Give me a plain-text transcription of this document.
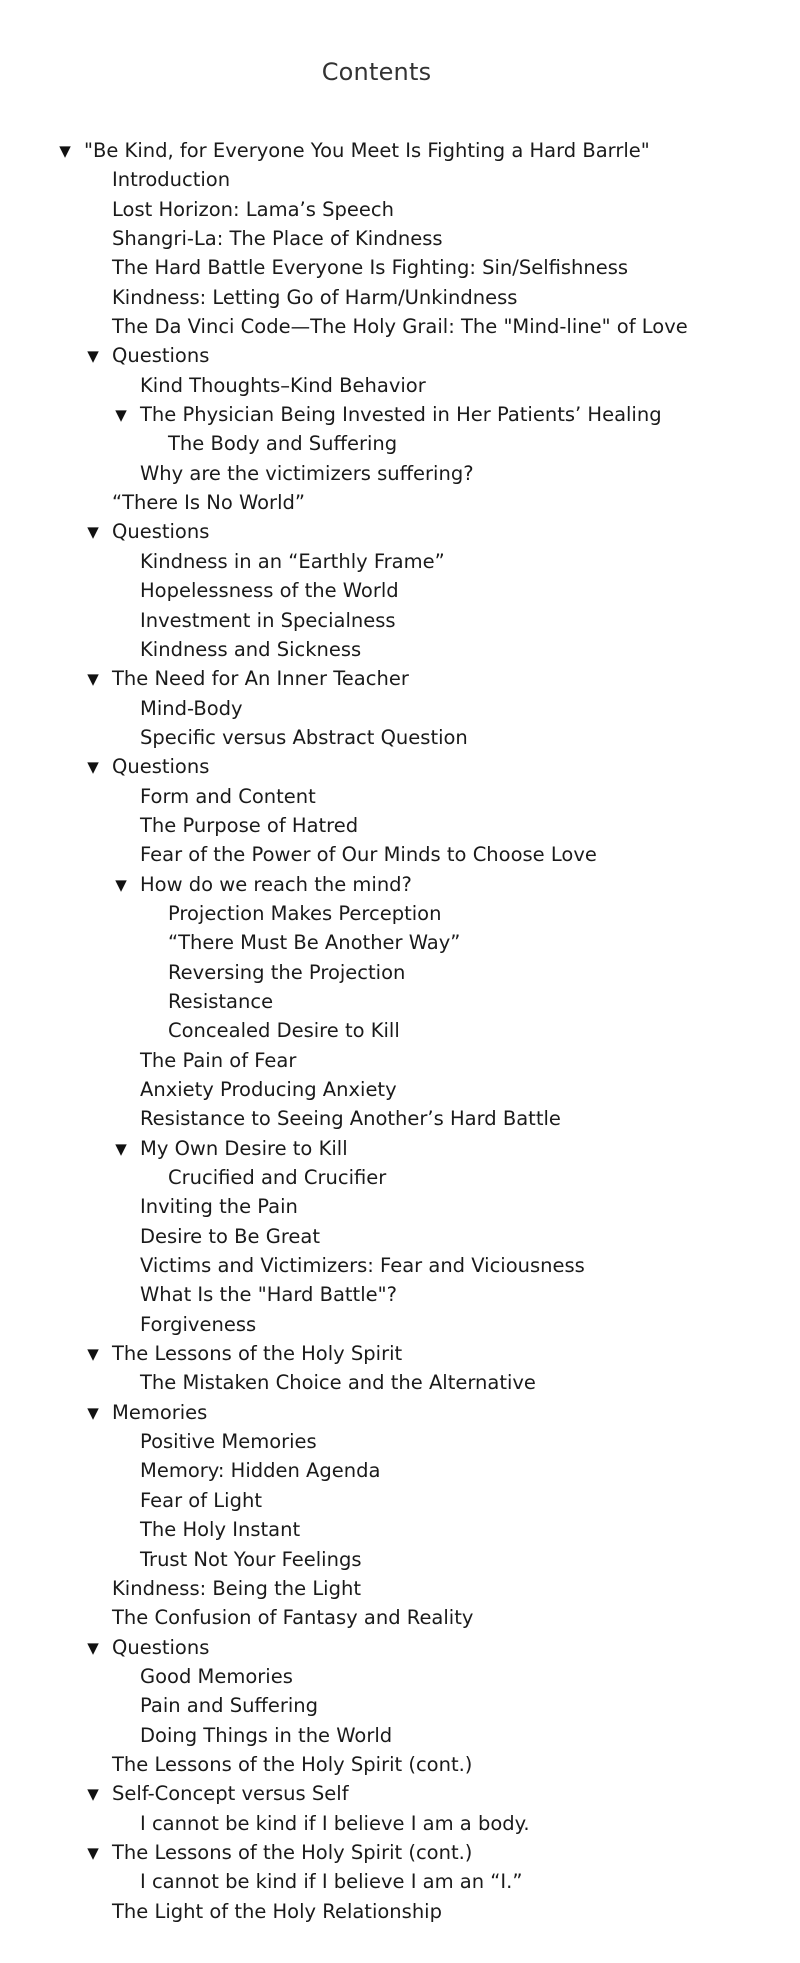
Contents
▼ "Be Kind, for Everyone You Meet Is Fighting a Hard Barrle"
Introduction
Lost Horizon: Lama’s Speech
Shangri-La: The Place of Kindness
The Hard Battle Everyone Is Fighting: Sin/Selfishness
Kindness: Letting Go of Harm/Unkindness
The Da Vinci Code—The Holy Grail: The "Mind-line" of Love
▼ Questions
Kind Thoughts–Kind Behavior
▼ The Physician Being Invested in Her Patients’ Healing
The Body and Suffering
Why are the victimizers suffering?
“There Is No World”
▼ Questions
Kindness in an “Earthly Frame”
Hopelessness of the World
Investment in Specialness
Kindness and Sickness
▼ The Need for An Inner Teacher
Mind-Body
Specific versus Abstract Question
▼ Questions
Form and Content
The Purpose of Hatred
Fear of the Power of Our Minds to Choose Love
▼ How do we reach the mind?
Projection Makes Perception
“There Must Be Another Way”
Reversing the Projection
Resistance
Concealed Desire to Kill
The Pain of Fear
Anxiety Producing Anxiety
Resistance to Seeing Another’s Hard Battle
▼ My Own Desire to Kill
Crucified and Crucifier
Inviting the Pain
Desire to Be Great
Victims and Victimizers: Fear and Viciousness
What Is the "Hard Battle"?
Forgiveness
▼ The Lessons of the Holy Spirit
The Mistaken Choice and the Alternative
▼ Memories
Positive Memories
Memory: Hidden Agenda
Fear of Light
The Holy Instant
Trust Not Your Feelings
Kindness: Being the Light
The Confusion of Fantasy and Reality
▼ Questions
Good Memories
Pain and Suffering
Doing Things in the World
The Lessons of the Holy Spirit (cont.)
▼ Self-Concept versus Self
I cannot be kind if I believe I am a body.
▼ The Lessons of the Holy Spirit (cont.)
I cannot be kind if I believe I am an “I.”
The Light of the Holy Relationship
